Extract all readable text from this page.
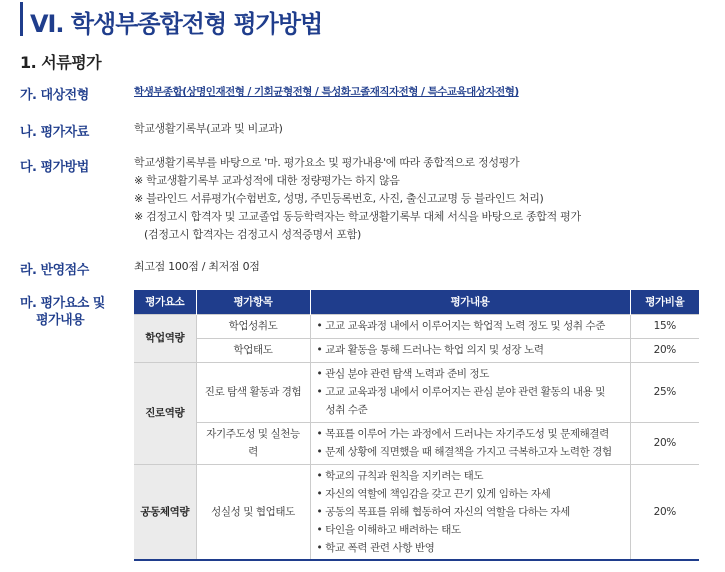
Ⅵ. 학생부종합전형 평가방법
1. 서류평가
가. 대상전형	학생부종합(상명인재전형 / 기회균형전형 / 특성화고졸재직자전형 / 특수교육대상자전형)
나. 평가자료	학교생활기록부(교과 및 비교과)
다. 평가방법	학교생활기록부를 바탕으로 '마. 평가요소 및 평가내용'에 따라 종합적으로 정성평가
※ 학교생활기록부 교과성적에 대한 정량평가는 하지 않음
※ 블라인드 서류평가(수험번호, 성명, 주민등록번호, 사진, 출신고교명 등 블라인드 처리)
※ 검정고시 합격자 및 고교졸업 동등학력자는 학교생활기록부 대체 서식을 바탕으로 종합적 평가
(검정고시 합격자는 검정고시 성적증명서 포함)
라. 반영점수	최고점 100점 / 최저점 0점
마. 평가요소 및
평가내용
평가요소	평가항목	평가내용	평가비율
학업역량	학업성취도	• 고교 교육과정 내에서 이루어지는 학업적 노력 정도 및 성취 수준	15%
	학업태도	• 교과 활동을 통해 드러나는 학업 의지 및 성장 노력	20%
진로역량	진로 탐색 활동과 경험	• 관심 분야 관련 탐색 노력과 준비 정도
• 고교 교육과정 내에서 이루어지는 관심 분야 관련 활동의 내용 및
성취 수준	25%
	자기주도성 및 실천능력	• 목표를 이루어 가는 과정에서 드러나는 자기주도성 및 문제해결력
• 문제 상황에 직면했을 때 해결책을 가지고 극복하고자 노력한 경험	20%
공동체역량	성실성 및 협업태도	• 학교의 규칙과 원칙을 지키려는 태도
• 자신의 역할에 책임감을 갖고 끈기 있게 임하는 자세
• 공동의 목표를 위해 협동하여 자신의 역할을 다하는 자세
• 타인을 이해하고 배려하는 태도
• 학교 폭력 관련 사항 반영	20%
